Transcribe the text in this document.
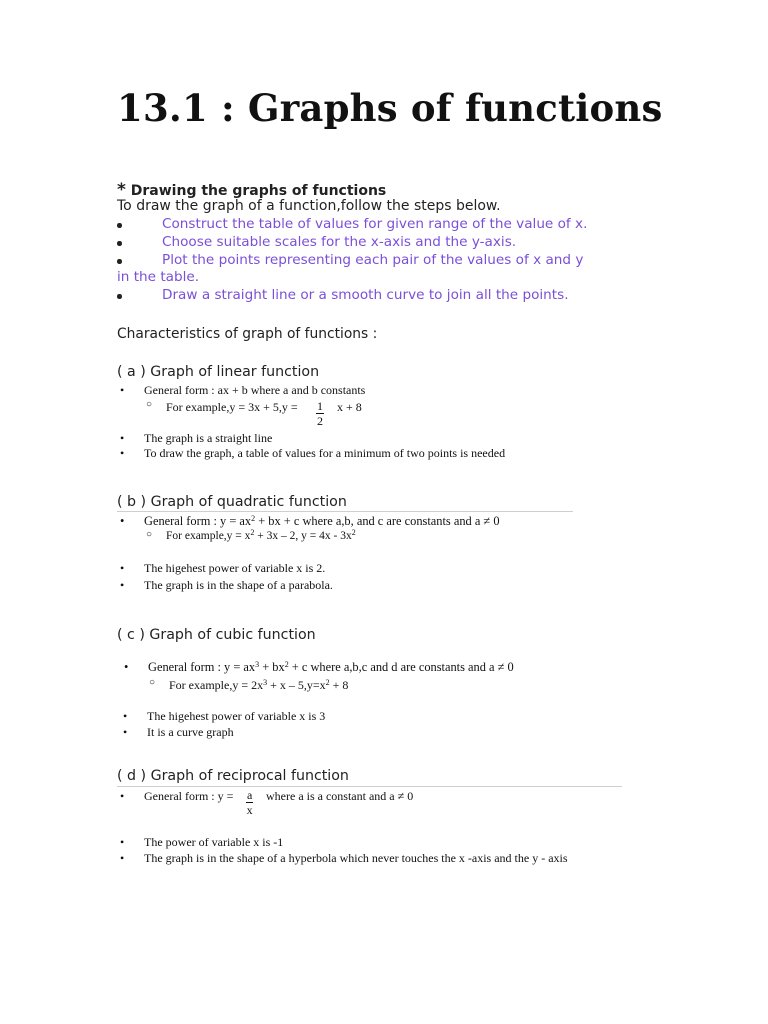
13.1 : Graphs of functions
* Drawing the graphs of functions
To draw the graph of a function,follow the steps below.
Construct the table of values for given range of the value of x.
Choose suitable scales for the x-axis and the y-axis.
Plot the points representing each pair of the values of x and y
in the table.
Draw a straight line or a smooth curve to join all the points.
Characteristics of graph of functions :
( a ) Graph of linear function
• General form : ax + b where a and b constants
○ For example,y = $3x + 5,y = \frac{1}{2}$ x + 8
• The graph is a straight line
• To draw the graph, a table of values for a minimum of two points is needed
( b ) Graph of quadratic function
• General form : $y = ax^2$ + bx + c where a,b, and c are constants and a ≠ 0
○ For example,y = $x^2 + 3x - 2$, $y = 4x - 3x^2$
• The higehest power of variable x is 2.
• The graph is in the shape of a parabola.
( c ) Graph of cubic function
• General form : $y = ax^3 + bx^2 + c$ where a,b,c and d are constants and a ≠ 0
○ For example,y = $2x^3 + x - 5,y=x^2 + 8$
• The higehest power of variable x is 3
• It is a curve graph
( d ) Graph of reciprocal function
• General form : $y = \frac{a}{x}$ where a is a constant and a ≠ 0
• The power of variable x is -1
• The graph is in the shape of a hyperbola which never touches the x -axis and the y - axis
